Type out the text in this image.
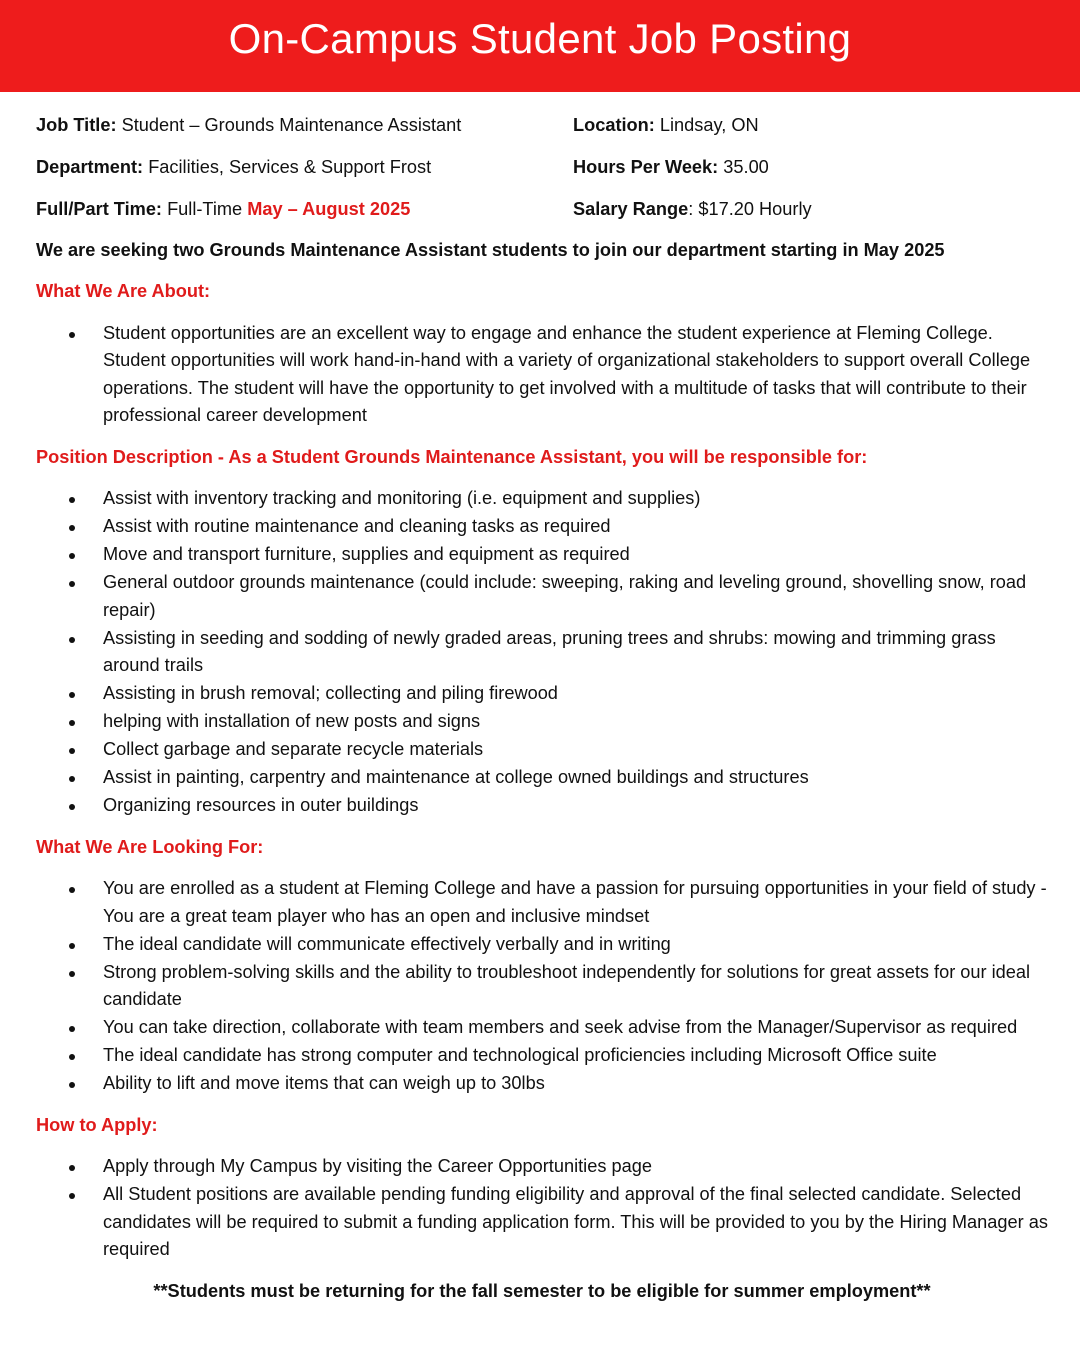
On-Campus Student Job Posting
Job Title: Student – Grounds Maintenance Assistant	Location: Lindsay, ON
Department: Facilities, Services & Support Frost	Hours Per Week: 35.00
Full/Part Time: Full-Time May – August 2025	Salary Range: $17.20 Hourly
We are seeking two Grounds Maintenance Assistant students to join our department starting in May 2025
What We Are About:
Student opportunities are an excellent way to engage and enhance the student experience at Fleming College. Student opportunities will work hand-in-hand with a variety of organizational stakeholders to support overall College operations. The student will have the opportunity to get involved with a multitude of tasks that will contribute to their professional career development
Position Description - As a Student Grounds Maintenance Assistant, you will be responsible for:
Assist with inventory tracking and monitoring (i.e. equipment and supplies)
Assist with routine maintenance and cleaning tasks as required
Move and transport furniture, supplies and equipment as required
General outdoor grounds maintenance (could include: sweeping, raking and leveling ground, shovelling snow, road repair)
Assisting in seeding and sodding of newly graded areas, pruning trees and shrubs: mowing and trimming grass around trails
Assisting in brush removal; collecting and piling firewood
helping with installation of new posts and signs
Collect garbage and separate recycle materials
Assist in painting, carpentry and maintenance at college owned buildings and structures
Organizing resources in outer buildings
What We Are Looking For:
You are enrolled as a student at Fleming College and have a passion for pursuing opportunities in your field of study - You are a great team player who has an open and inclusive mindset
The ideal candidate will communicate effectively verbally and in writing
Strong problem-solving skills and the ability to troubleshoot independently for solutions for great assets for our ideal candidate
You can take direction, collaborate with team members and seek advise from the Manager/Supervisor as required
The ideal candidate has strong computer and technological proficiencies including Microsoft Office suite
Ability to lift and move items that can weigh up to 30lbs
How to Apply:
Apply through My Campus by visiting the Career Opportunities page
All Student positions are available pending funding eligibility and approval of the final selected candidate. Selected candidates will be required to submit a funding application form. This will be provided to you by the Hiring Manager as required
**Students must be returning for the fall semester to be eligible for summer employment**
